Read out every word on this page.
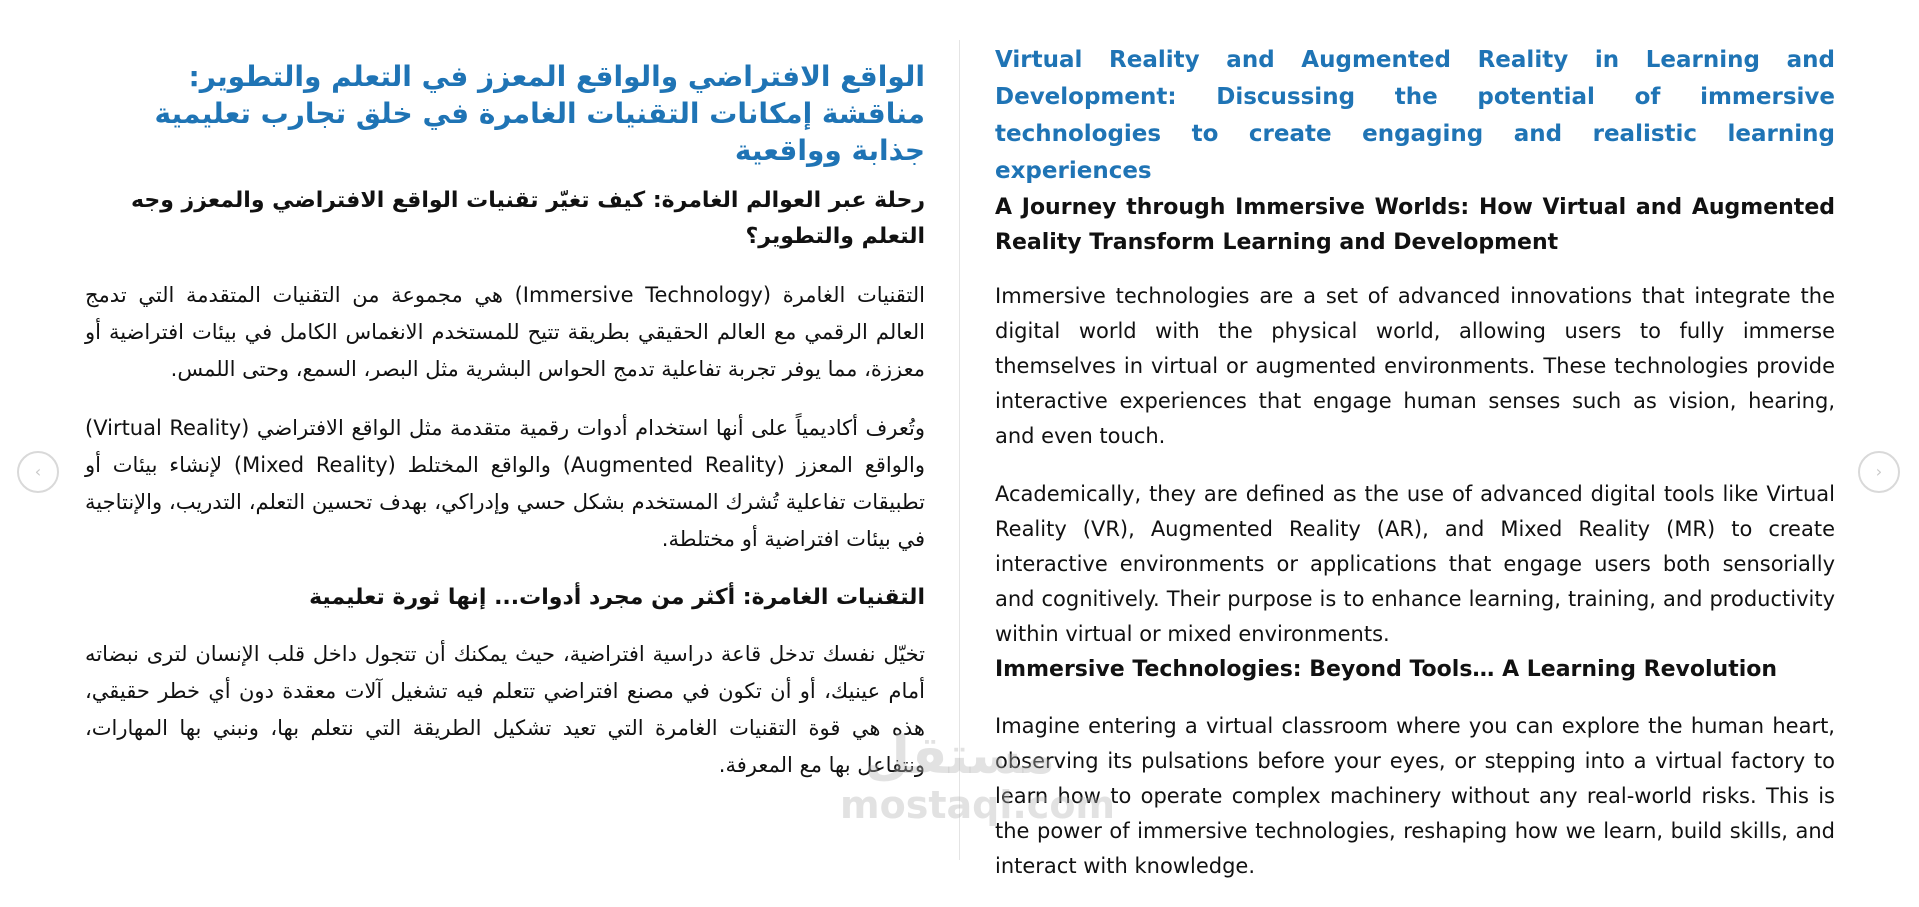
‹
الواقع الافتراضي والواقع المعزز في التعلم والتطوير: مناقشة إمكانات التقنيات الغامرة في خلق تجارب تعليمية جذابة وواقعية
رحلة عبر العوالم الغامرة: كيف تغيّر تقنيات الواقع الافتراضي والمعزز وجه التعلم والتطوير؟

التقنيات الغامرة (Immersive Technology) هي مجموعة من التقنيات المتقدمة التي تدمج العالم الرقمي مع العالم الحقيقي بطريقة تتيح للمستخدم الانغماس الكامل في بيئات افتراضية أو معززة، مما يوفر تجربة تفاعلية تدمج الحواس البشرية مثل البصر، السمع، وحتى اللمس.

وتُعرف أكاديمياً على أنها استخدام أدوات رقمية متقدمة مثل الواقع الافتراضي (Virtual Reality) والواقع المعزز (Augmented Reality) والواقع المختلط (Mixed Reality) لإنشاء بيئات أو تطبيقات تفاعلية تُشرك المستخدم بشكل حسي وإدراكي، بهدف تحسين التعلم، التدريب، والإنتاجية في بيئات افتراضية أو مختلطة.

التقنيات الغامرة: أكثر من مجرد أدوات... إنها ثورة تعليمية

تخيّل نفسك تدخل قاعة دراسية افتراضية، حيث يمكنك أن تتجول داخل قلب الإنسان لترى نبضاته أمام عينيك، أو أن تكون في مصنع افتراضي تتعلم فيه تشغيل آلات معقدة دون أي خطر حقيقي، هذه هي قوة التقنيات الغامرة التي تعيد تشكيل الطريقة التي نتعلم بها، ونبني بها المهارات، ونتفاعل بها مع المعرفة.

Virtual Reality and Augmented Reality in Learning and Development: Discussing the potential of immersive technologies to create engaging and realistic learning experiences
A Journey through Immersive Worlds: How Virtual and Augmented Reality Transform Learning and Development

Immersive technologies are a set of advanced innovations that integrate the digital world with the physical world, allowing users to fully immerse themselves in virtual or augmented environments. These technologies provide interactive experiences that engage human senses such as vision, hearing, and even touch.

Academically, they are defined as the use of advanced digital tools like Virtual Reality (VR), Augmented Reality (AR), and Mixed Reality (MR) to create interactive environments or applications that engage users both sensorially and cognitively. Their purpose is to enhance learning, training, and productivity within virtual or mixed environments.

Immersive Technologies: Beyond Tools… A Learning Revolution

Imagine entering a virtual classroom where you can explore the human heart, observing its pulsations before your eyes, or stepping into a virtual factory to learn how to operate complex machinery without any real-world risks. This is the power of immersive technologies, reshaping how we learn, build skills, and interact with knowledge.

›
مستقل
mostaql.com
